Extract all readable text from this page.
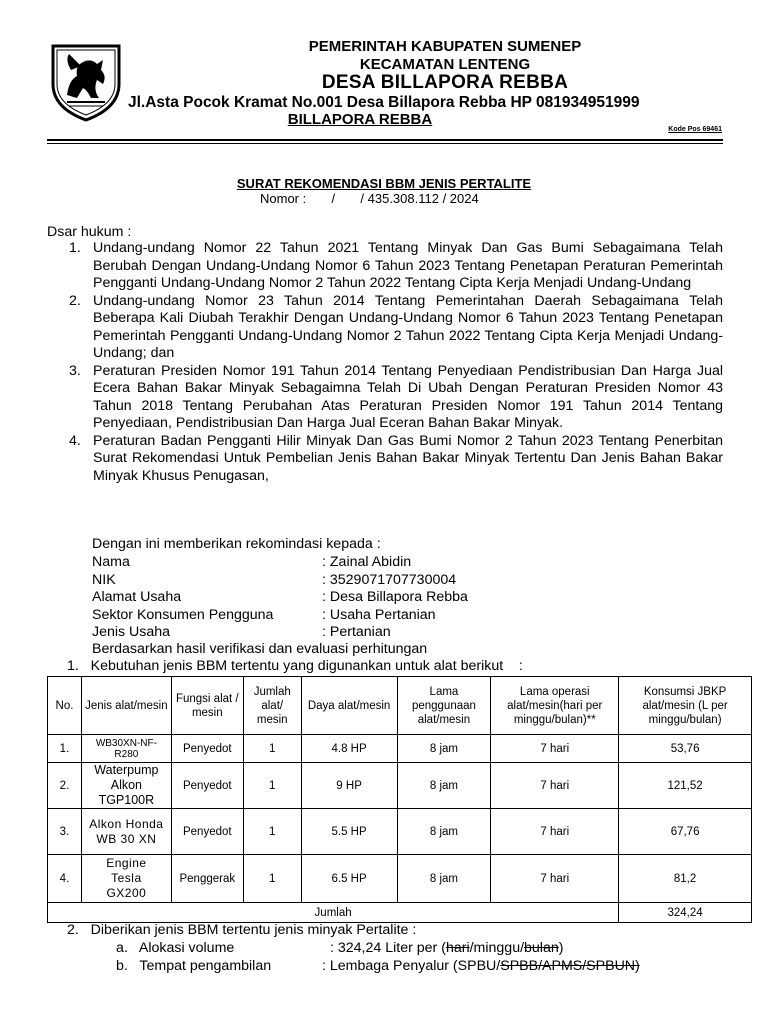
PEMERINTAH KABUPATEN SUMENEP
KECAMATAN LENTENG
DESA BILLAPORA REBBA
Jl.Asta Pocok Kramat No.001 Desa Billapora Rebba HP 081934951999
BILLAPORA REBBA
Kode Pos 69461
SURAT REKOMENDASI BBM JENIS PERTALITE
Nomor :       /       / 435.308.112 / 2024
Dsar hukum :
1. Undang-undang Nomor 22 Tahun 2021 Tentang Minyak Dan Gas Bumi Sebagaimana Telah Berubah Dengan Undang-Undang Nomor 6 Tahun 2023 Tentang Penetapan Peraturan Pemerintah Pengganti Undang-Undang Nomor 2 Tahun 2022 Tentang Cipta Kerja Menjadi Undang-Undang
2. Undang-undang Nomor 23 Tahun 2014 Tentang Pemerintahan Daerah Sebagaimana Telah Beberapa Kali Diubah Terakhir Dengan Undang-Undang Nomor 6 Tahun 2023 Tentang Penetapan Pemerintah Pengganti Undang-Undang Nomor 2 Tahun 2022 Tentang Cipta Kerja Menjadi Undang-Undang; dan
3. Peraturan Presiden Nomor 191 Tahun 2014 Tentang Penyediaan Pendistribusian Dan Harga Jual Ecera Bahan Bakar Minyak Sebagaimna Telah Di Ubah Dengan Peraturan Presiden Nomor 43 Tahun 2018 Tentang Perubahan Atas Peraturan Presiden Nomor 191 Tahun 2014 Tentang Penyediaan, Pendistribusian Dan Harga Jual Eceran Bahan Bakar Minyak.
4. Peraturan Badan Pengganti Hilir Minyak Dan Gas Bumi Nomor 2 Tahun 2023 Tentang Penerbitan Surat Rekomendasi Untuk Pembelian Jenis Bahan Bakar Minyak Tertentu Dan Jenis Bahan Bakar Minyak Khusus Penugasan,
Dengan ini memberikan rekomindasi kepada :
Nama	: Zainal Abidin
NIK	: 3529071707730004
Alamat Usaha	: Desa Billapora Rebba
Sektor Konsumen Pengguna	: Usaha Pertanian
Jenis Usaha	: Pertanian
Berdasarkan hasil verifikasi dan evaluasi perhitungan
1.   Kebutuhan jenis BBM tertentu yang digunankan untuk alat berikut    :
No.	Jenis alat/mesin	Fungsi alat / mesin	Jumlah alat/ mesin	Daya alat/mesin	Lama penggunaan alat/mesin	Lama operasi alat/mesin(hari per minggu/bulan)**	Konsumsi JBKP alat/mesin (L per minggu/bulan)
1.	WB30XN-NF-R280	Penyedot	1	4.8 HP	8 jam	7 hari	53,76
2.	Waterpump Alkon TGP100R	Penyedot	1	9 HP	8 jam	7 hari	121,52
3.	Alkon Honda WB 30 XN	Penyedot	1	5.5 HP	8 jam	7 hari	67,76
4.	Engine Tesla GX200	Penggerak	1	6.5 HP	8 jam	7 hari	81,2
Jumlah							324,24
2.   Diberikan jenis BBM tertentu jenis minyak Pertalite :
a.   Alokasi volume	: 324,24 Liter per (hari/minggu/bulan)
b.   Tempat pengambilan	: Lembaga Penyalur (SPBU/SPBB/APMS/SPBUN)
